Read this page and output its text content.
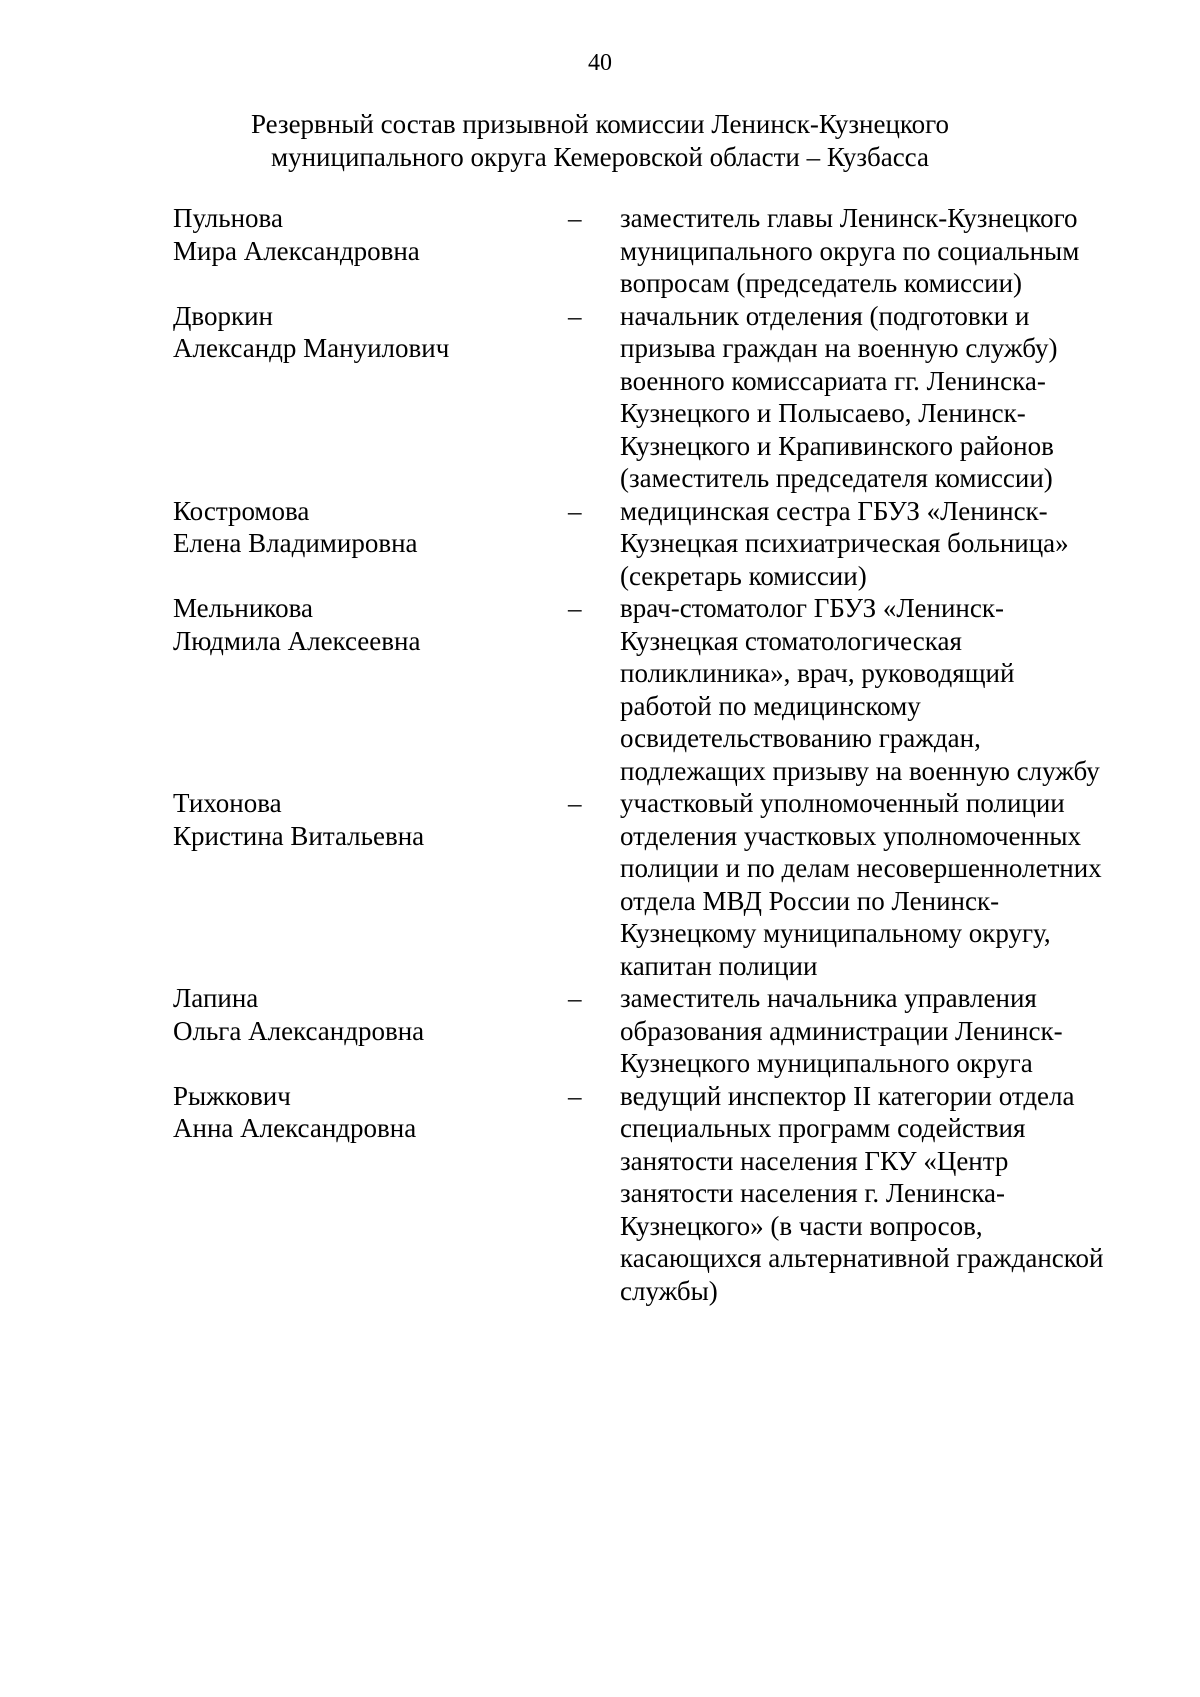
40
Резервный состав призывной комиссии Ленинск-Кузнецкого
муниципального округа Кемеровской области – Кузбасса
Пульнова
Мира Александровна
–	заместитель главы Ленинск-Кузнецкого муниципального округа по социальным вопросам (председатель комиссии)
Дворкин
Александр Мануилович
–	начальник отделения (подготовки и призыва граждан на военную службу) военного комиссариата гг. Ленинска-Кузнецкого и Полысаево, Ленинск-Кузнецкого и Крапивинского районов (заместитель председателя комиссии)
Костромова
Елена Владимировна
–	медицинская сестра ГБУЗ «Ленинск-Кузнецкая психиатрическая больница» (секретарь комиссии)
Мельникова
Людмила Алексеевна
–	врач-стоматолог ГБУЗ «Ленинск-Кузнецкая стоматологическая поликлиника», врач, руководящий работой по медицинскому освидетельствованию граждан, подлежащих призыву на военную службу
Тихонова
Кристина Витальевна
–	участковый уполномоченный полиции отделения участковых уполномоченных полиции и по делам несовершеннолетних отдела МВД России по Ленинск-Кузнецкому муниципальному округу, капитан полиции
Лапина
Ольга Александровна
–	заместитель начальника управления образования администрации Ленинск-Кузнецкого муниципального округа
Рыжкович
Анна Александровна
–	ведущий инспектор II категории отдела специальных программ содействия занятости населения ГКУ «Центр занятости населения г. Ленинска-Кузнецкого» (в части вопросов, касающихся альтернативной гражданской службы)
